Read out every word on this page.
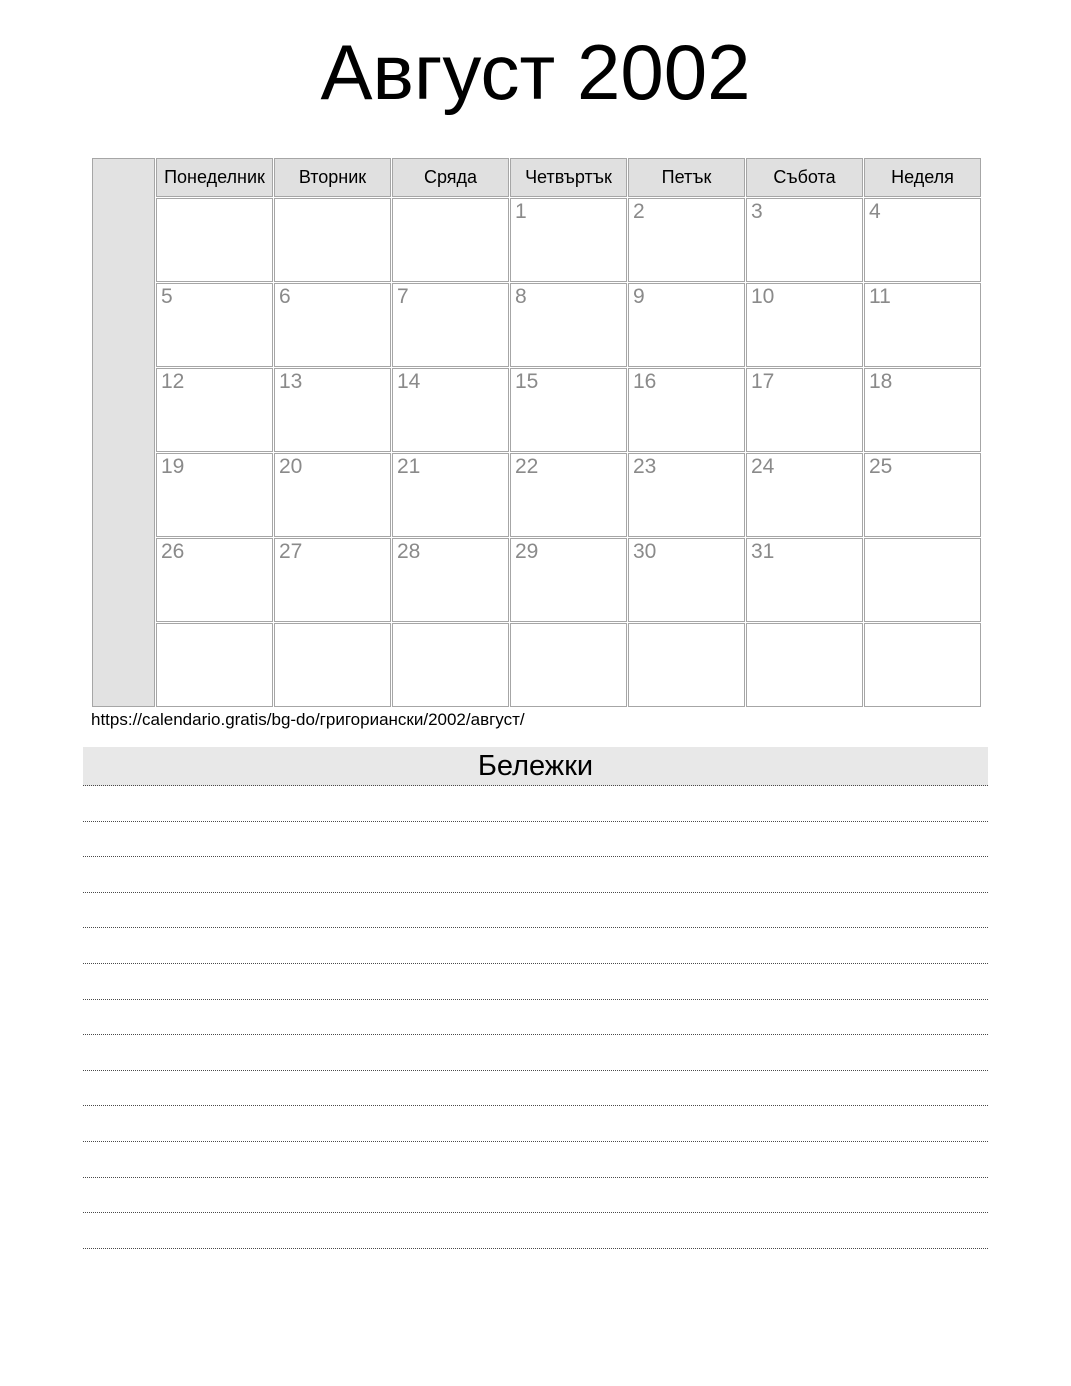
Август 2002
	Понеделник	Вторник	Сряда	Четвъртък	Петък	Събота	Неделя
				1	2	3	4
	5	6	7	8	9	10	11
	12	13	14	15	16	17	18
	19	20	21	22	23	24	25
	26	27	28	29	30	31	

https://calendario.gratis/bg-do/григориански/2002/август/
Бележки
